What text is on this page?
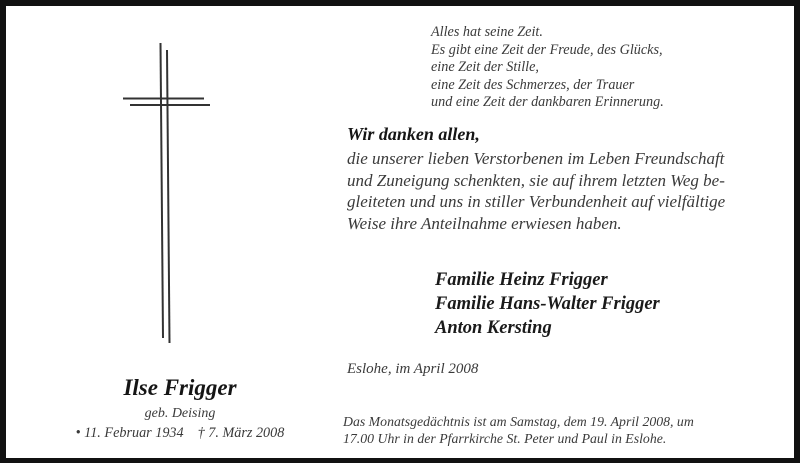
Alles hat seine Zeit.
Es gibt eine Zeit der Freude, des Glücks,
eine Zeit der Stille,
eine Zeit des Schmerzes, der Trauer
und eine Zeit der dankbaren Erinnerung.
Wir danken allen,
die unserer lieben Verstorbenen im Leben Freundschaft
und Zuneigung schenkten, sie auf ihrem letzten Weg be-
gleiteten und uns in stiller Verbundenheit auf vielfältige
Weise ihre Anteilnahme erwiesen haben.
Familie Heinz Frigger
Familie Hans-Walter Frigger
Anton Kersting
Eslohe, im April 2008
Ilse Frigger
geb. Deising
• 11. Februar 1934 † 7. März 2008
Das Monatsgedächtnis ist am Samstag, dem 19. April 2008, um
17.00 Uhr in der Pfarrkirche St. Peter und Paul in Eslohe.
